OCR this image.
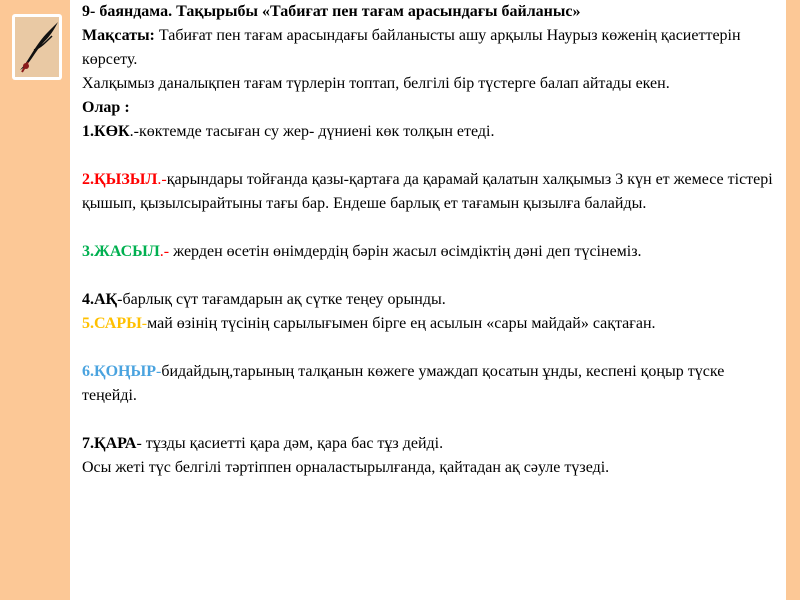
9- баяндама. Тақырыбы «Табиғат пен тағам арасындағы байланыс»

Мақсаты: Табиғат пен тағам арасындағы байланысты ашу арқылы Наурыз көженің қасиеттерін көрсету.

Халқымыз даналықпен тағам түрлерін топтап, белгілі бір түстерге балап айтады екен.

Олар :

1.КӨК.-көктемде тасыған су жер- дүниені көк толқын етеді.

2.ҚЫЗЫЛ.-қарындары тойғанда қазы-қартаға да қарамай қалатын халқымыз 3 күн ет жемесе тістері қышып, қызылсырайтыны тағы бар. Ендеше барлық ет тағамын қызылға балайды.

3.ЖАСЫЛ.- жерден өсетін өнімдердің бәрін жасыл өсімдіктің дәні деп түсінеміз.

4.АҚ-барлық сүт тағамдарын ақ сүтке теңеу орынды.

5.САРЫ-май өзінің түсінің сарылығымен бірге ең асылын «сары майдай» сақтаған.

6.ҚОҢЫР-бидайдың,тарының талқанын көжеге умаждап қосатын ұнды, кеспені қоңыр түске теңейді.

7.ҚАРА- тұзды қасиетті қара дәм, қара бас тұз дейді.

Осы жеті түс белгілі тәртіппен орналастырылғанда, қайтадан ақ сәуле түзеді.
